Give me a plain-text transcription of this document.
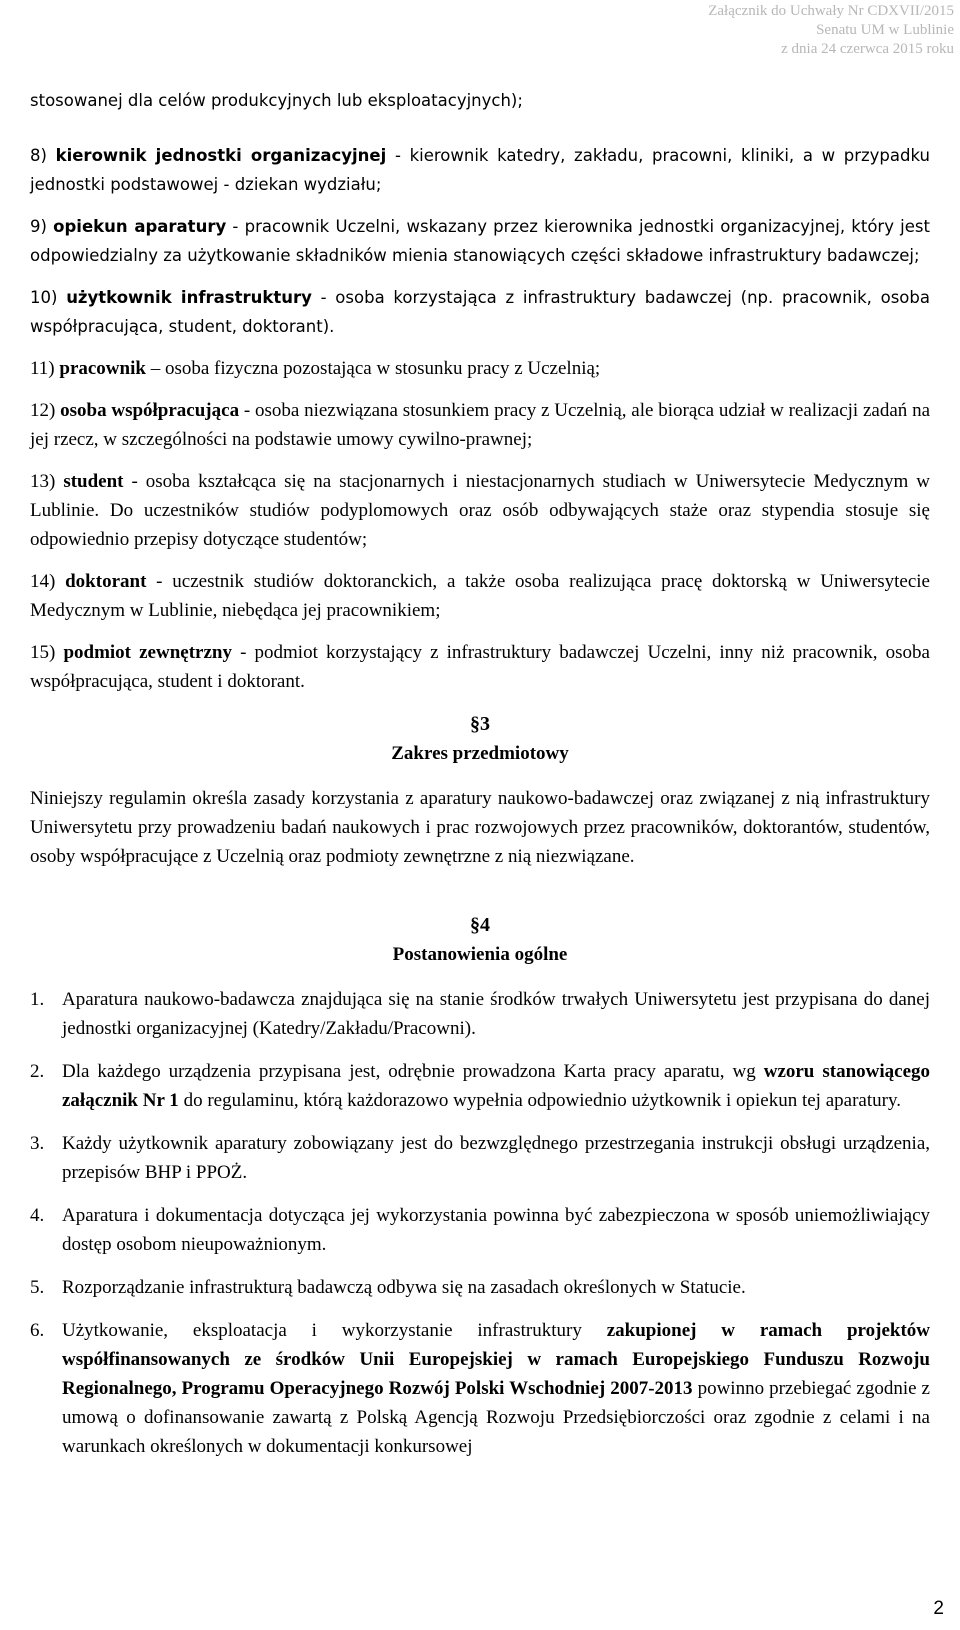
Załącznik do Uchwały Nr CDXVII/2015
Senatu UM w Lublinie
z dnia 24 czerwca 2015 roku

stosowanej dla celów produkcyjnych lub eksploatacyjnych);

8) kierownik jednostki organizacyjnej - kierownik katedry, zakładu, pracowni, kliniki, a w przypadku jednostki podstawowej - dziekan wydziału;

9) opiekun aparatury - pracownik Uczelni, wskazany przez kierownika jednostki organizacyjnej, który jest odpowiedzialny za użytkowanie składników mienia stanowiących części składowe infrastruktury badawczej;

10) użytkownik infrastruktury - osoba korzystająca z infrastruktury badawczej (np. pracownik, osoba współpracująca, student, doktorant).

11) pracownik – osoba fizyczna pozostająca w stosunku pracy z Uczelnią;

12) osoba współpracująca - osoba niezwiązana stosunkiem pracy z Uczelnią, ale biorąca udział w realizacji zadań na jej rzecz, w szczególności na podstawie umowy cywilno-prawnej;

13) student - osoba kształcąca się na stacjonarnych i niestacjonarnych studiach w Uniwersytecie Medycznym w Lublinie. Do uczestników studiów podyplomowych oraz osób odbywających staże oraz stypendia stosuje się odpowiednio przepisy dotyczące studentów;

14) doktorant - uczestnik studiów doktoranckich, a także osoba realizująca pracę doktorską w Uniwersytecie Medycznym w Lublinie, niebędąca jej pracownikiem;

15) podmiot zewnętrzny - podmiot korzystający z infrastruktury badawczej Uczelni, inny niż pracownik, osoba współpracująca, student i doktorant.

§3

Zakres przedmiotowy

Niniejszy regulamin określa zasady korzystania z aparatury naukowo-badawczej oraz związanej z nią infrastruktury Uniwersytetu przy prowadzeniu badań naukowych i prac rozwojowych przez pracowników, doktorantów, studentów, osoby współpracujące z Uczelnią oraz podmioty zewnętrzne z nią niezwiązane.

§4

Postanowienia ogólne

1. Aparatura naukowo-badawcza znajdująca się na stanie środków trwałych Uniwersytetu jest przypisana do danej jednostki organizacyjnej (Katedry/Zakładu/Pracowni).
2. Dla każdego urządzenia przypisana jest, odrębnie prowadzona Karta pracy aparatu, wg wzoru stanowiącego załącznik Nr 1 do regulaminu, którą każdorazowo wypełnia odpowiednio użytkownik i opiekun tej aparatury.
3. Każdy użytkownik aparatury zobowiązany jest do bezwzględnego przestrzegania instrukcji obsługi urządzenia, przepisów BHP i PPOŻ.
4. Aparatura i dokumentacja dotycząca jej wykorzystania powinna być zabezpieczona w sposób uniemożliwiający dostęp osobom nieupoważnionym.
5. Rozporządzanie infrastrukturą badawczą odbywa się na zasadach określonych w Statucie.
6. Użytkowanie, eksploatacja i wykorzystanie infrastruktury zakupionej w ramach projektów współfinansowanych ze środków Unii Europejskiej w ramach Europejskiego Funduszu Rozwoju Regionalnego, Programu Operacyjnego Rozwój Polski Wschodniej 2007-2013 powinno przebiegać zgodnie z umową o dofinansowanie zawartą z Polską Agencją Rozwoju Przedsiębiorczości oraz zgodnie z celami i na warunkach określonych w dokumentacji konkursowej
2
